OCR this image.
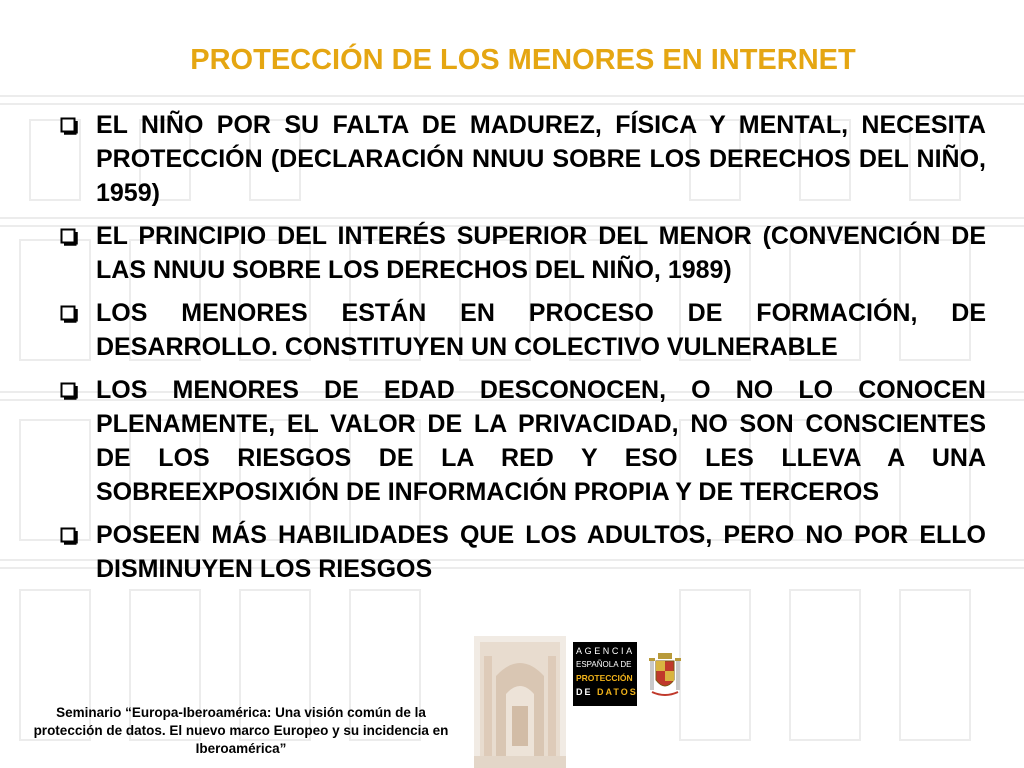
PROTECCIÓN DE LOS MENORES EN INTERNET
EL NIÑO POR SU FALTA DE MADUREZ, FÍSICA Y MENTAL, NECESITA PROTECCIÓN (DECLARACIÓN NNUU SOBRE LOS DERECHOS DEL NIÑO, 1959)
EL PRINCIPIO DEL INTERÉS SUPERIOR DEL MENOR (CONVENCIÓN DE LAS NNUU SOBRE LOS DERECHOS DEL NIÑO, 1989)
LOS MENORES ESTÁN EN PROCESO DE FORMACIÓN, DE DESARROLLO. CONSTITUYEN UN COLECTIVO VULNERABLE
LOS MENORES DE EDAD DESCONOCEN, O NO LO CONOCEN PLENAMENTE, EL VALOR DE LA PRIVACIDAD, NO SON CONSCIENTES DE LOS RIESGOS DE LA RED Y ESO LES LLEVA A UNA SOBREEXPOSIXIÓN DE INFORMACIÓN PROPIA Y DE TERCEROS
POSEEN MÁS HABILIDADES QUE LOS ADULTOS, PERO NO POR ELLO DISMINUYEN LOS RIESGOS
Seminario “Europa-Iberoamérica: Una visión común de la
protección de datos. El nuevo marco Europeo y su incidencia en
Iberoamérica”
AGENCIA
ESPAÑOLA DE
PROTECCIÓN
DE DATOS
